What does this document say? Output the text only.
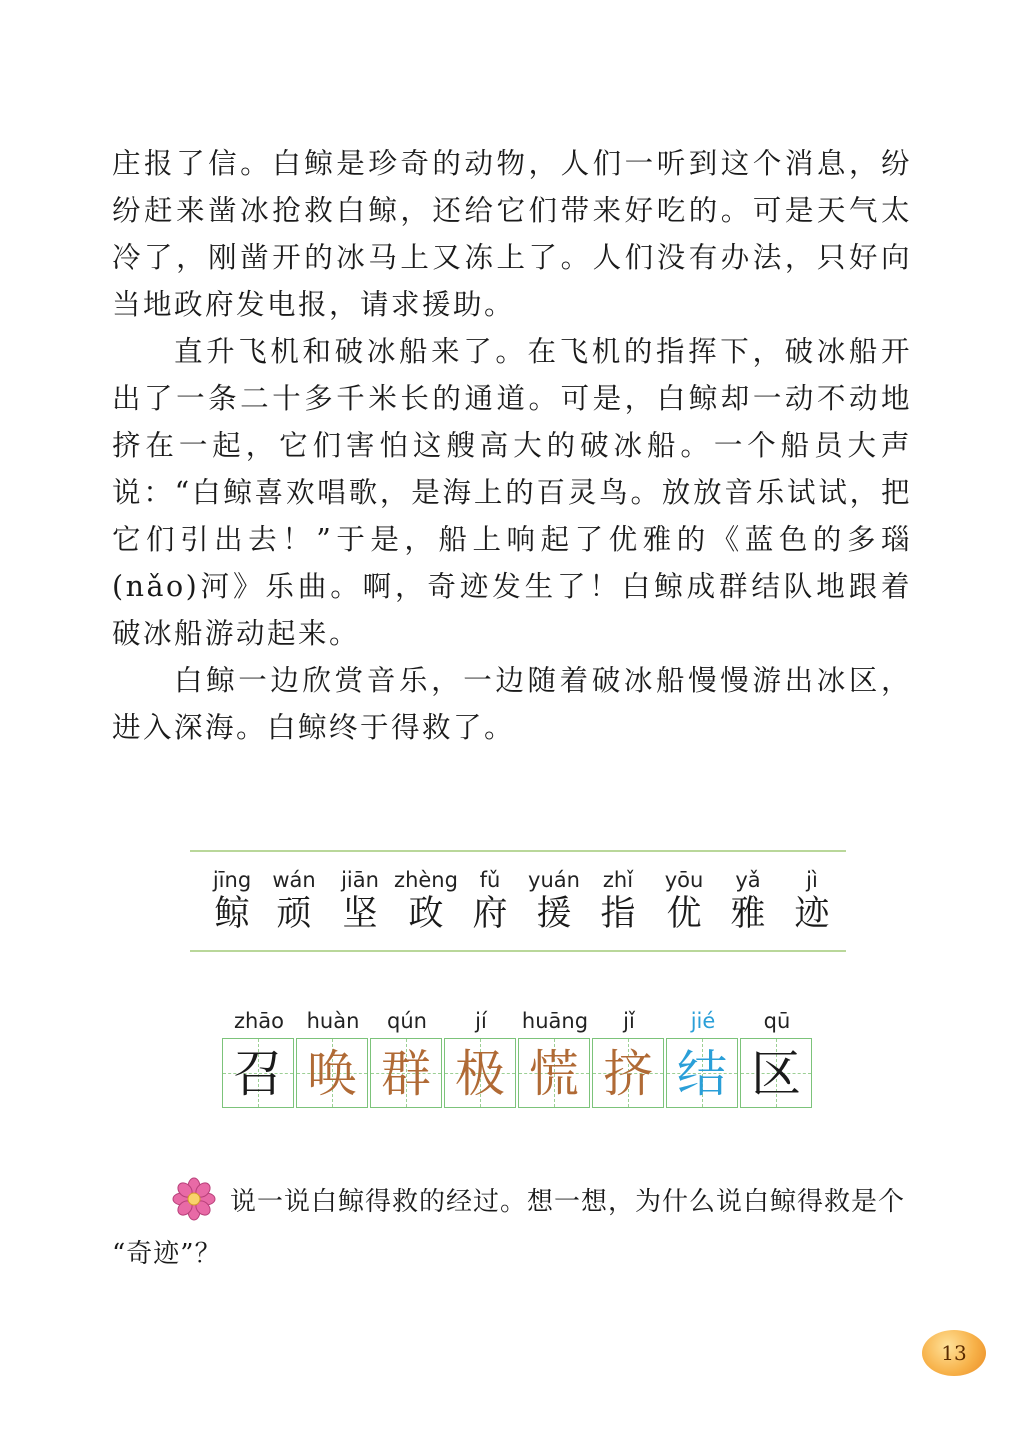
庄报了信。白鲸是珍奇的动物，人们一听到这个消息，纷纷赶来凿冰抢救白鲸，还给它们带来好吃的。可是天气太冷了，刚凿开的冰马上又冻上了。人们没有办法，只好向当地政府发电报，请求援助。

直升飞机和破冰船来了。在飞机的指挥下，破冰船开出了一条二十多千米长的通道。可是，白鲸却一动不动地挤在一起，它们害怕这艘高大的破冰船。一个船员大声说：“白鲸喜欢唱歌，是海上的百灵鸟。放放音乐试试，把它们引出去！”于是，船上响起了优雅的《蓝色的多瑙(nǎo)河》乐曲。啊，奇迹发生了！白鲸成群结队地跟着破冰船游动起来。

白鲸一边欣赏音乐，一边随着破冰船慢慢游出冰区，进入深海。白鲸终于得救了。

jīng
鲸
wán
顽
jiān
坚
zhèng
政
fǔ
府
yuán
援
zhǐ
指
yōu
优
yǎ
雅
jì
迹
zhāo
召
huàn
唤
qún
群
jí
极
huāng
慌
jǐ
挤
jié
结
qū
区

说一说白鲸得救的经过。想一想，为什么说白鲸得救是个

“奇迹”？

13
